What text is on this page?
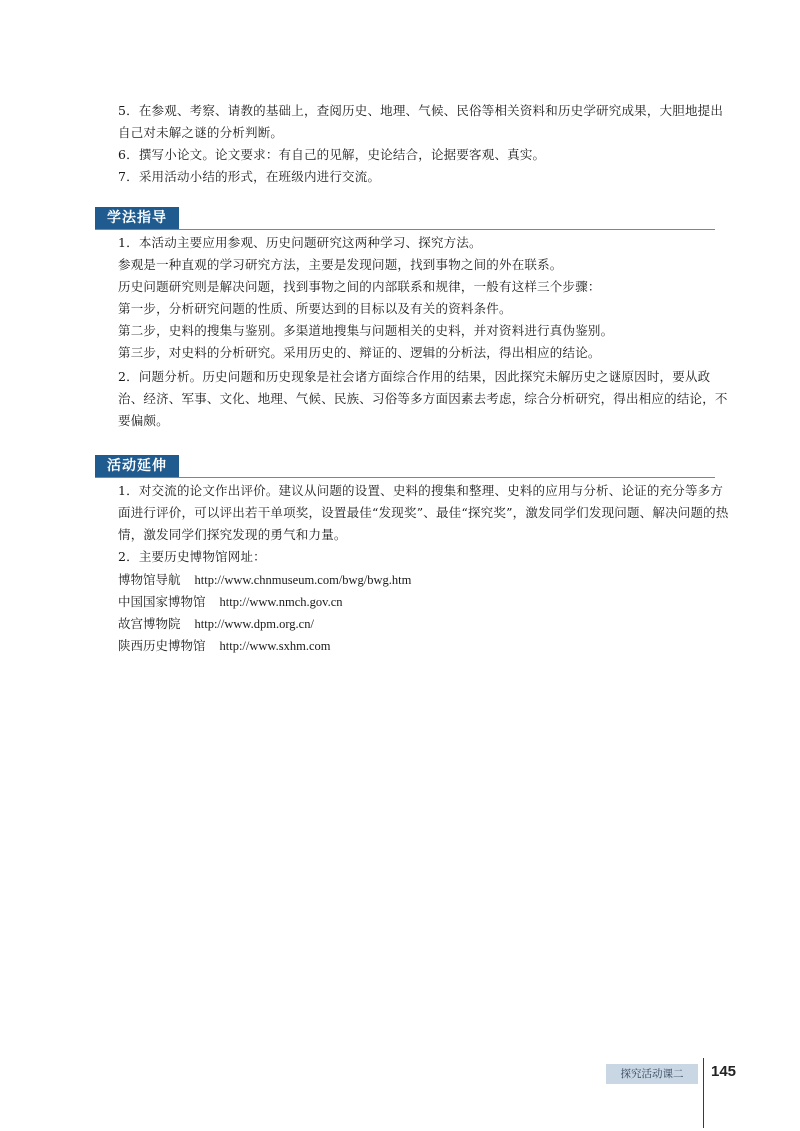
5．在参观、考察、请教的基础上，查阅历史、地理、气候、民俗等相关资料和历史学研究成果，大胆地提出自己对未解之谜的分析判断。
6．撰写小论文。论文要求：有自己的见解，史论结合，论据要客观、真实。
7．采用活动小结的形式，在班级内进行交流。
学法指导
1．本活动主要应用参观、历史问题研究这两种学习、探究方法。
参观是一种直观的学习研究方法，主要是发现问题，找到事物之间的外在联系。
历史问题研究则是解决问题，找到事物之间的内部联系和规律，一般有这样三个步骤：
第一步，分析研究问题的性质、所要达到的目标以及有关的资料条件。
第二步，史料的搜集与鉴别。多渠道地搜集与问题相关的史料，并对资料进行真伪鉴别。
第三步，对史料的分析研究。采用历史的、辩证的、逻辑的分析法，得出相应的结论。
2．问题分析。历史问题和历史现象是社会诸方面综合作用的结果，因此探究未解历史之谜原因时，要从政治、经济、军事、文化、地理、气候、民族、习俗等多方面因素去考虑，综合分析研究，得出相应的结论，不要偏颇。
活动延伸
1．对交流的论文作出评价。建议从问题的设置、史料的搜集和整理、史料的应用与分析、论证的充分等多方面进行评价，可以评出若干单项奖，设置最佳“发现奖”、最佳“探究奖”，激发同学们发现问题、解决问题的热情，激发同学们探究发现的勇气和力量。
2．主要历史博物馆网址：
博物馆导航 http://www.chnmuseum.com/bwg/bwg.htm
中国国家博物馆 http://www.nmch.gov.cn
故宫博物院 http://www.dpm.org.cn/
陕西历史博物馆 http://www.sxhm.com
探究活动课二	145
